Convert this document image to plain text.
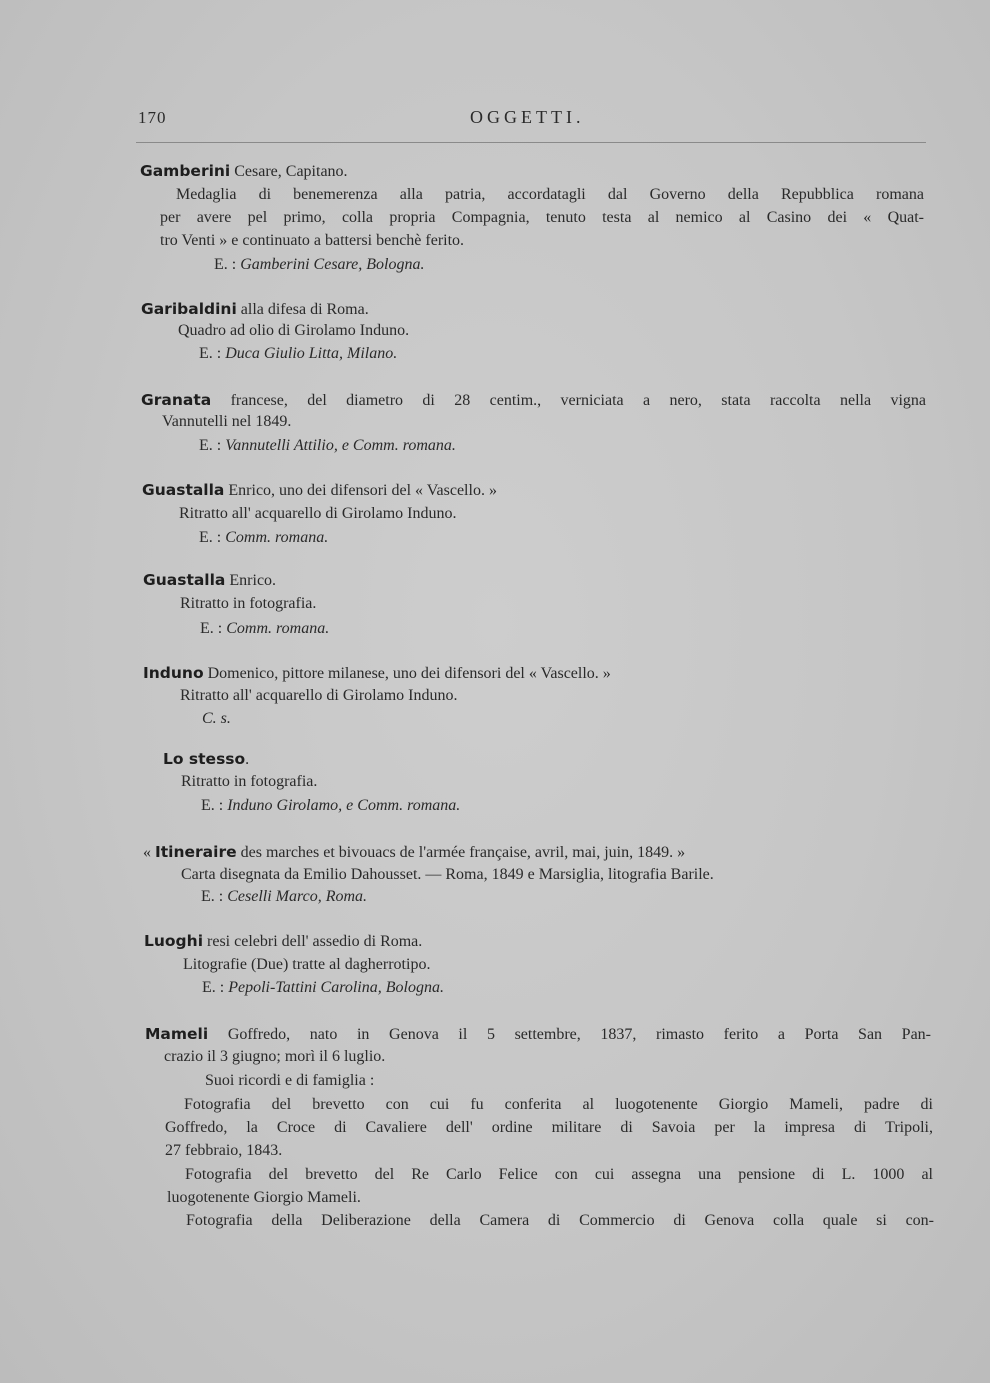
170	OGGETTI.
Gamberini Cesare, Capitano.
Medaglia di benemerenza alla patria, accordatagli dal Governo della Repubblica romana
per avere pel primo, colla propria Compagnia, tenuto testa al nemico al Casino dei « Quat-
tro Venti » e continuato a battersi benchè ferito.
E. : Gamberini Cesare, Bologna.
Garibaldini alla difesa di Roma.
Quadro ad olio di Girolamo Induno.
E. : Duca Giulio Litta, Milano.
Granata francese, del diametro di 28 centim., verniciata a nero, stata raccolta nella vigna
Vannutelli nel 1849.
E. : Vannutelli Attilio, e Comm. romana.
Guastalla Enrico, uno dei difensori del « Vascello. »
Ritratto all' acquarello di Girolamo Induno.
E. : Comm. romana.
Guastalla Enrico.
Ritratto in fotografia.
E. : Comm. romana.
Induno Domenico, pittore milanese, uno dei difensori del « Vascello. »
Ritratto all' acquarello di Girolamo Induno.
C. s.
Lo stesso.
Ritratto in fotografia.
E. : Induno Girolamo, e Comm. romana.
« Itineraire des marches et bivouacs de l'armée française, avril, mai, juin, 1849. »
Carta disegnata da Emilio Dahousset. — Roma, 1849 e Marsiglia, litografia Barile.
E. : Ceselli Marco, Roma.
Luoghi resi celebri dell' assedio di Roma.
Litografie (Due) tratte al dagherrotipo.
E. : Pepoli-Tattini Carolina, Bologna.
Mameli Goffredo, nato in Genova il 5 settembre, 1837, rimasto ferito a Porta San Pan-
crazio il 3 giugno; morì il 6 luglio.
Suoi ricordi e di famiglia :
Fotografia del brevetto con cui fu conferita al luogotenente Giorgio Mameli, padre di
Goffredo, la Croce di Cavaliere dell' ordine militare di Savoia per la impresa di Tripoli,
27 febbraio, 1843.
Fotografia del brevetto del Re Carlo Felice con cui assegna una pensione di L. 1000 al
luogotenente Giorgio Mameli.
Fotografia della Deliberazione della Camera di Commercio di Genova colla quale si con-
